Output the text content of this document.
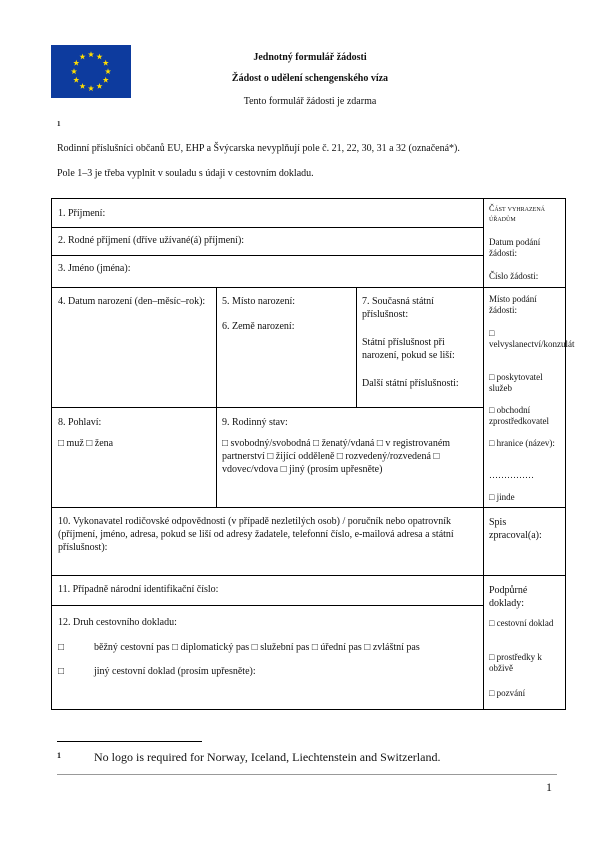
Jednotný formulář žádosti
Žádost o udělení schengenského víza
Tento formulář žádosti je zdarma
1
Rodinní příslušníci občanů EU, EHP a Švýcarska nevyplňují pole č. 21, 22, 30, 31 a 32 (označená*).
Pole 1–3 je třeba vyplnit v souladu s údaji v cestovním dokladu.
1. Příjmení:
2. Rodné příjmení (dříve užívané(á) příjmení):
3. Jméno (jména):
4. Datum narození (den–měsíc–rok):	5. Místo narození:
6. Země narození:
7. Současná státní příslušnost:
Státní příslušnost při narození, pokud se liší:
Další státní příslušnosti:
8. Pohlaví:
□ muž □ žena
9. Rodinný stav:
□ svobodný/svobodná □ ženatý/vdaná □ v registrovaném partnerství □ žijící odděleně □ rozvedený/rozvedená □ vdovec/vdova □ jiný (prosím upřesněte)
10. Vykonavatel rodičovské odpovědnosti (v případě nezletilých osob) / poručník nebo opatrovník (příjmení, jméno, adresa, pokud se liší od adresy žadatele, telefonní číslo, e-mailová adresa a státní příslušnost):
11. Případně národní identifikační číslo:
12. Druh cestovního dokladu:
□	běžný cestovní pas □ diplomatický pas □ služební pas □ úřední pas □ zvláštní pas
□	jiný cestovní doklad (prosím upřesněte):
Část vyhrazená úřadům
Datum podání žádosti:
Číslo žádosti:
Místo podání žádosti:
□ velvyslanectví/konzulát
□ poskytovatel služeb
□ obchodní zprostředkovatel
□ hranice (název):
……………
□ jinde
Spis zpracoval(a):
Podpůrné doklady:
□ cestovní doklad
□ prostředky k obživě
□ pozvání
1	No logo is required for Norway, Iceland, Liechtenstein and Switzerland.
1
